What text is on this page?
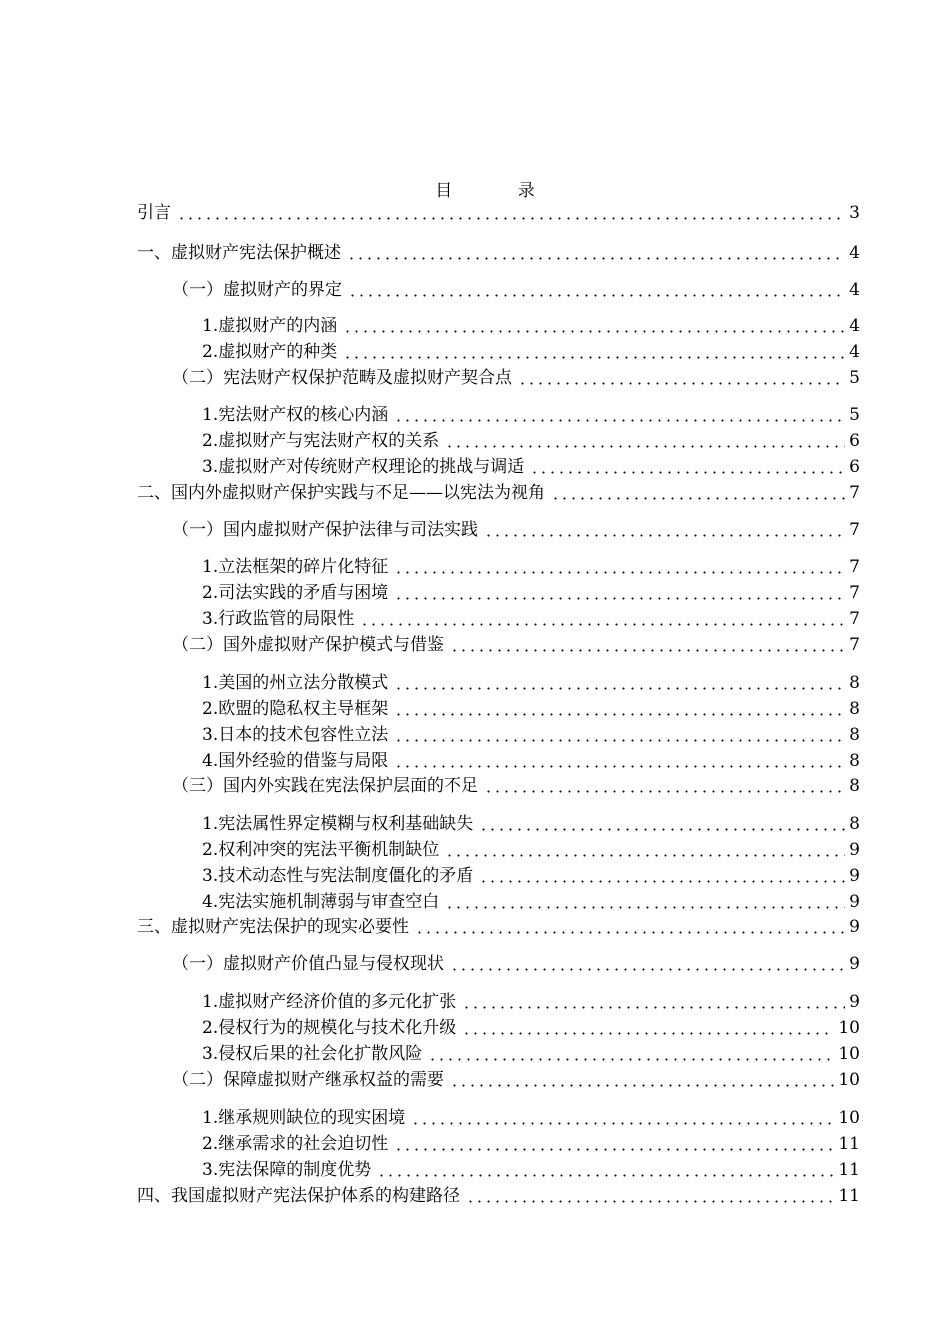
目 录
引言	3
一、虚拟财产宪法保护概述	4
（一）虚拟财产的界定	4
1.虚拟财产的内涵	4
2.虚拟财产的种类	4
（二）宪法财产权保护范畴及虚拟财产契合点	5
1.宪法财产权的核心内涵	5
2.虚拟财产与宪法财产权的关系	6
3.虚拟财产对传统财产权理论的挑战与调适	6
二、国内外虚拟财产保护实践与不足——以宪法为视角	7
（一）国内虚拟财产保护法律与司法实践	7
1.立法框架的碎片化特征	7
2.司法实践的矛盾与困境	7
3.行政监管的局限性	7
（二）国外虚拟财产保护模式与借鉴	7
1.美国的州立法分散模式	8
2.欧盟的隐私权主导框架	8
3.日本的技术包容性立法	8
4.国外经验的借鉴与局限	8
（三）国内外实践在宪法保护层面的不足	8
1.宪法属性界定模糊与权利基础缺失	8
2.权利冲突的宪法平衡机制缺位	9
3.技术动态性与宪法制度僵化的矛盾	9
4.宪法实施机制薄弱与审查空白	9
三、虚拟财产宪法保护的现实必要性	9
（一）虚拟财产价值凸显与侵权现状	9
1.虚拟财产经济价值的多元化扩张	9
2.侵权行为的规模化与技术化升级	10
3.侵权后果的社会化扩散风险	10
（二）保障虚拟财产继承权益的需要	10
1.继承规则缺位的现实困境	10
2.继承需求的社会迫切性	11
3.宪法保障的制度优势	11
四、我国虚拟财产宪法保护体系的构建路径	11
